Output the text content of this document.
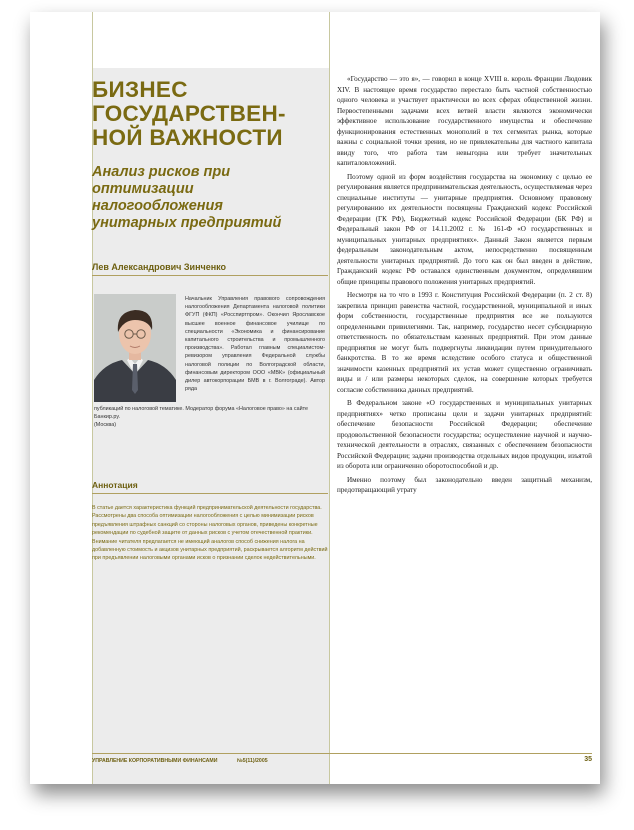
БИЗНЕС
ГОСУДАРСТВЕН-
НОЙ ВАЖНОСТИ
Анализ рисков при
оптимизации
налогообложения
унитарных предприятий
Лев Александрович Зинченко
Начальник Управления правового сопровождения налогообложения Департамента налоговой политики ФГУП (ФКП) «Росспиртпром». Окончил Ярославское высшее военное финансовое училище по специальности «Экономика и финансирование капитального строительства и промышленного производства». Работал главным специалистом-ревизором управления Федеральной службы налоговой полиции по Волгоградской области, финансовым директором ООО «МВК» (официальный дилер автокорпорации БМВ в г. Волгограде). Автор ряда
публикаций по налоговой тематике. Модератор форума «Налоговое право» на сайте Банкир.ру.
(Москва)
Аннотация
В статье дается характеристика функций предпринимательской деятельности государства. Рассмотрены два способа оптимизации налогообложения с целью минимизации рисков предъявления штрафных санкций со стороны налоговых органов, приведены конкретные рекомендации по судебной защите от данных рисков с учетом отечественной практики. Внимание читателя предлагается не имеющий аналогов способ снижения налога на добавленную стоимость и акцизов унитарных предприятий, раскрывается алгоритм действий при предъявлении налоговыми органами исков о признании сделок недействительными.

«Государство — это я», — говорил в конце XVIII в. король Франции Людовик XIV. В настоящее время государство перестало быть частной собственностью одного человека и участвует практически во всех сферах общественной жизни. Первостепенными задачами всех ветвей власти являются экономически эффективное использование государственного имущества и обеспечение функционирования естественных монополий в тех сегментах рынка, которые важны с социальной точки зрения, но не привлекательны для частного капитала ввиду того, что работа там невыгодна или требует значительных капиталовложений.

Поэтому одной из форм воздействия государства на экономику с целью ее регулирования является предпринимательская деятельность, осуществляемая через специальные институты — унитарные предприятия. Основному правовому регулированию их деятельности посвящены Гражданский кодекс Российской Федерации (ГК РФ), Бюджетный кодекс Российской Федерации (БК РФ) и Федеральный закон РФ от 14.11.2002 г. № 161-Ф «О государственных и муниципальных унитарных предприятиях». Данный Закон является первым федеральным законодательным актом, непосредственно посвященным деятельности унитарных предприятий. До того как он был введен в действие, Гражданский кодекс РФ оставался единственным документом, определявшим общие принципы правового положения унитарных предприятий.

Несмотря на то что в 1993 г. Конституция Российской Федерации (п. 2 ст. 8) закрепила принцип равенства частной, государственной, муниципальной и иных форм собственности, государственные предприятия все же пользуются определенными привилегиями. Так, например, государство несет субсидиарную ответственность по обязательствам казенных предприятий. При этом данные предприятия не могут быть подвергнуты ликвидации путем принудительного банкротства. В то же время вследствие особого статуса и общественной значимости казенных предприятий их устав может существенно ограничивать виды и / или размеры некоторых сделок, на совершение которых требуется согласие собственника данных предприятий.

В Федеральном законе «О государственных и муниципальных унитарных предприятиях» четко прописаны цели и задачи унитарных предприятий: обеспечение безопасности Российской Федерации; обеспечение продовольственной безопасности государства; осуществление научной и научно-технической деятельности в отраслях, связанных с обеспечением безопасности Российской Федерации; задачи производства отдельных видов продукции, изъятой из оборота или ограниченно оборотоспособной и др.

Именно поэтому был законодательно введен защитный механизм, предотвращающий утрату

УПРАВЛЕНИЕ КОРПОРАТИВНЫМИ ФИНАНСАМИ	№5(11)/2005	35
